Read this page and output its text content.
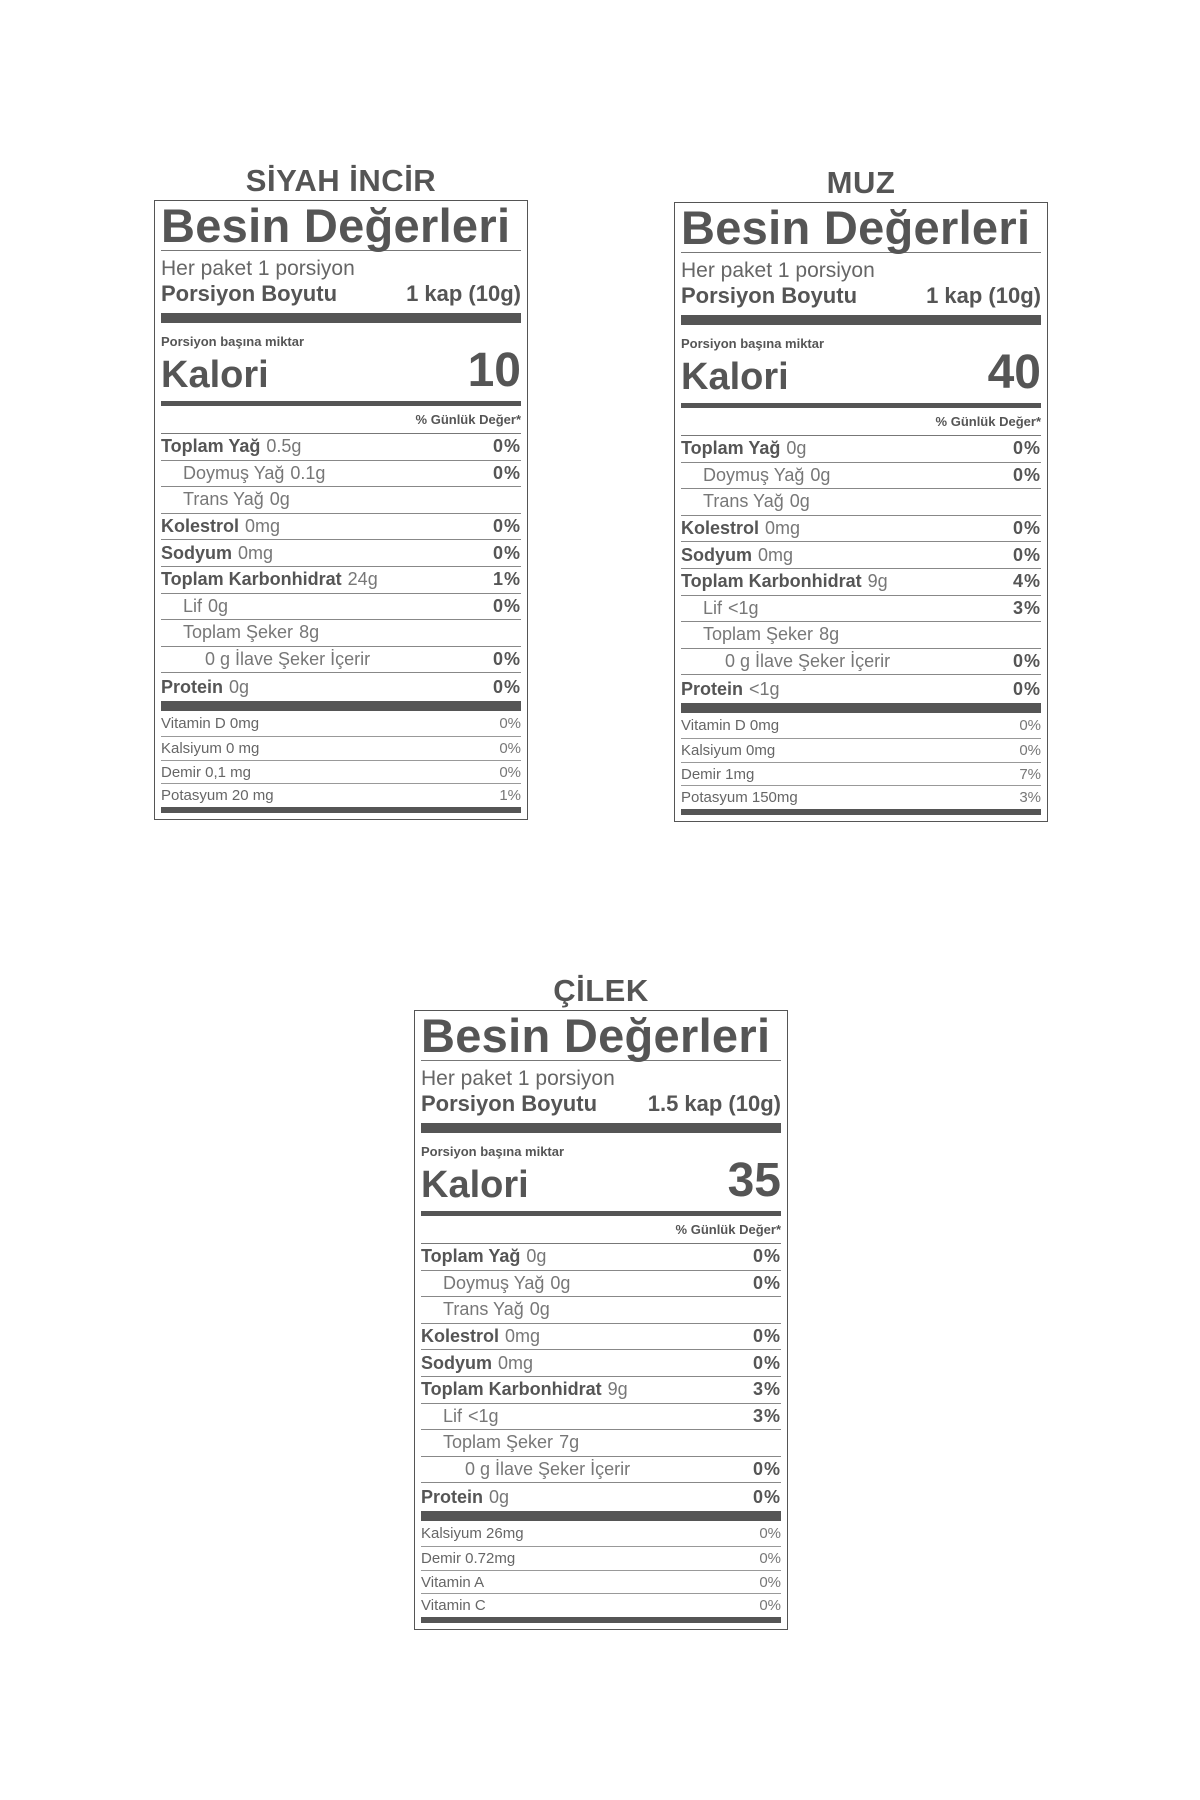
SİYAH İNCİR
Besin Değerleri
Her paket 1 porsiyon
Porsiyon Boyutu	1 kap (10g)
Porsiyon başına miktar
Kalori	10
% Günlük Değer*
Toplam Yağ 0.5g	0%
Doymuş Yağ 0.1g	0%
Trans Yağ 0g
Kolestrol 0mg	0%
Sodyum 0mg	0%
Toplam Karbonhidrat 24g	1%
Lif 0g	0%
Toplam Şeker 8g
0 g İlave Şeker İçerir	0%
Protein 0g	0%
Vitamin D 0mg	0%
Kalsiyum 0 mg	0%
Demir 0,1 mg	0%
Potasyum 20 mg	1%
MUZ
Besin Değerleri
Her paket 1 porsiyon
Porsiyon Boyutu	1 kap (10g)
Porsiyon başına miktar
Kalori	40
% Günlük Değer*
Toplam Yağ 0g	0%
Doymuş Yağ 0g	0%
Trans Yağ 0g
Kolestrol 0mg	0%
Sodyum 0mg	0%
Toplam Karbonhidrat 9g	4%
Lif <1g	3%
Toplam Şeker 8g
0 g İlave Şeker İçerir	0%
Protein <1g	0%
Vitamin D 0mg	0%
Kalsiyum 0mg	0%
Demir 1mg	7%
Potasyum 150mg	3%
ÇİLEK
Besin Değerleri
Her paket 1 porsiyon
Porsiyon Boyutu 1.5 kap (10g)
Porsiyon başına miktar
Kalori	35
% Günlük Değer*
Toplam Yağ 0g	0%
Doymuş Yağ 0g	0%
Trans Yağ 0g
Kolestrol 0mg	0%
Sodyum 0mg	0%
Toplam Karbonhidrat 9g	3%
Lif <1g	3%
Toplam Şeker 7g
0 g İlave Şeker İçerir	0%
Protein 0g	0%
Kalsiyum 26mg	0%
Demir 0.72mg	0%
Vitamin A	0%
Vitamin C	0%
